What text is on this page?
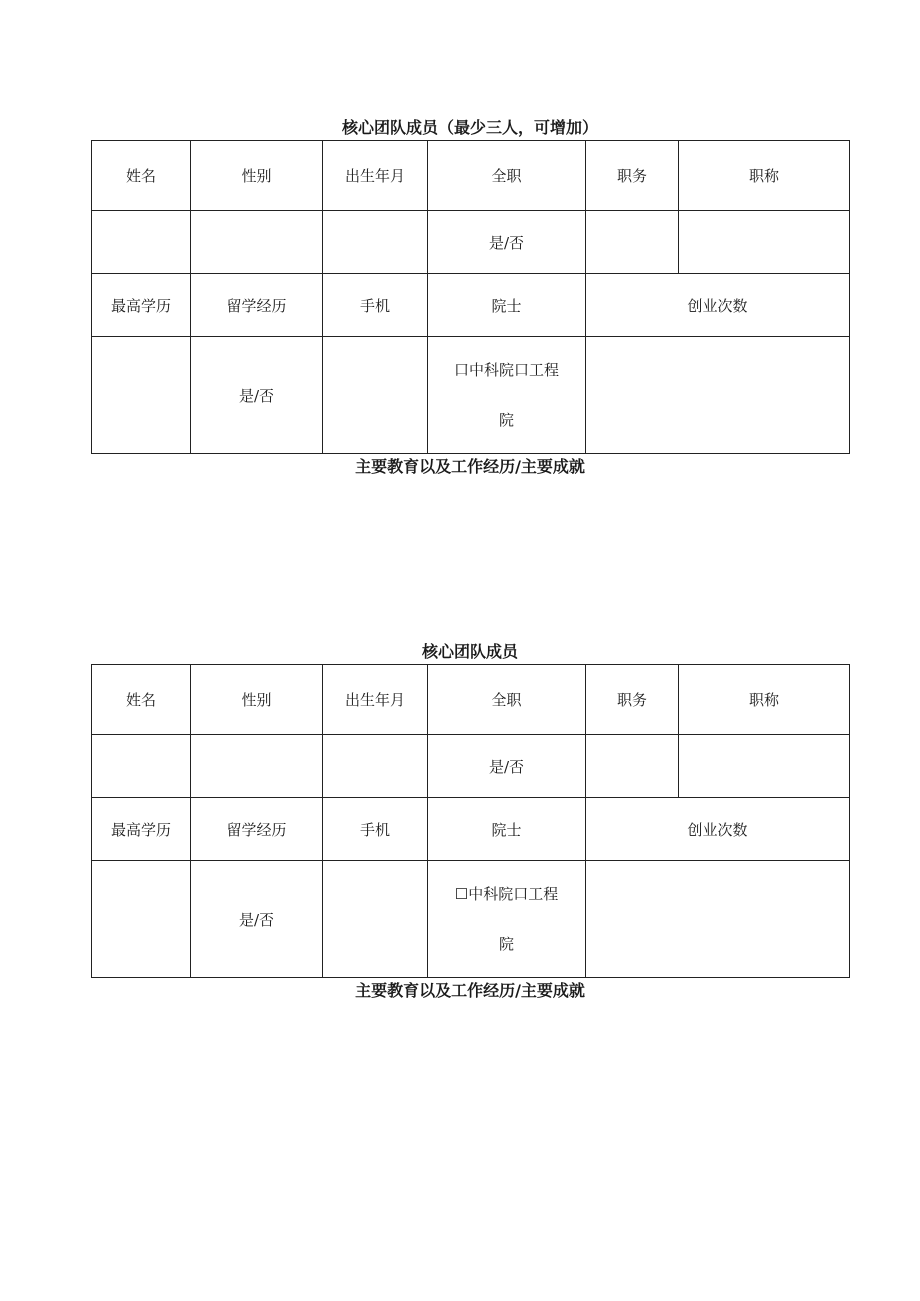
核心团队成员（最少三人，可增加）
姓名	性别	出生年月	全职	职务	职称
			是/否		
最高学历	留学经历	手机	院士	创业次数	
	是/否		口中科院口工程
院		

主要教育以及工作经历/主要成就
核心团队成员
姓名	性别	出生年月	全职	职务	职称
			是/否		
最高学历	留学经历	手机	院士	创业次数	
	是/否		☐中科院口工程
院		

主要教育以及工作经历/主要成就
